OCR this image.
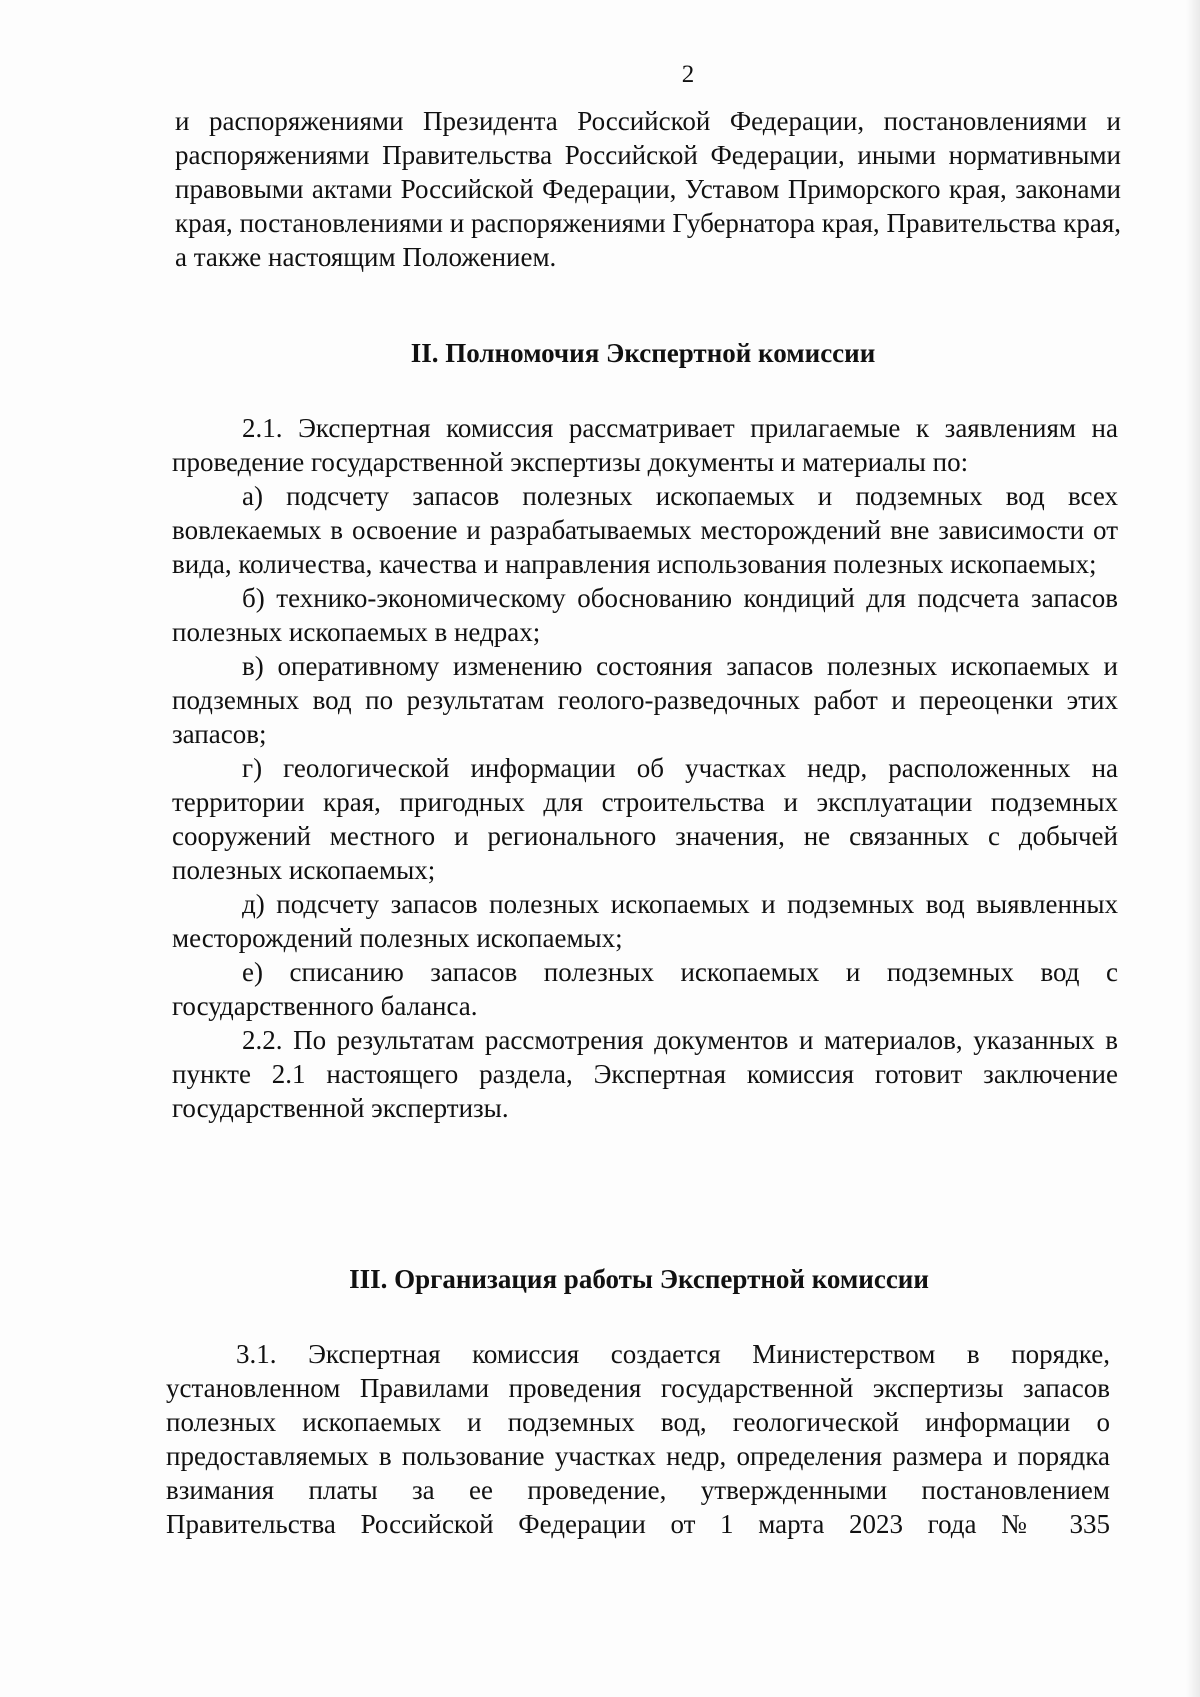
2

и распоряжениями Президента Российской Федерации, постановлениями и распоряжениями Правительства Российской Федерации, иными нормативными правовыми актами Российской Федерации, Уставом Приморского края, законами края, постановлениями и распоряжениями Губернатора края, Правительства края, а также настоящим Положением.

II. Полномочия Экспертной комиссии

2.1. Экспертная комиссия рассматривает прилагаемые к заявлениям на проведение государственной экспертизы документы и материалы по:

а) подсчету запасов полезных ископаемых и подземных вод всех вовлекаемых в освоение и разрабатываемых месторождений вне зависимости от вида, количества, качества и направления использования полезных ископаемых;

б) технико-экономическому обоснованию кондиций для подсчета запасов полезных ископаемых в недрах;

в) оперативному изменению состояния запасов полезных ископаемых и подземных вод по результатам геолого-разведочных работ и переоценки этих запасов;

г) геологической информации об участках недр, расположенных на территории края, пригодных для строительства и эксплуатации подземных сооружений местного и регионального значения, не связанных с добычей полезных ископаемых;

д) подсчету запасов полезных ископаемых и подземных вод выявленных месторождений полезных ископаемых;

е) списанию запасов полезных ископаемых и подземных вод с государственного баланса.

2.2. По результатам рассмотрения документов и материалов, указанных в пункте 2.1 настоящего раздела, Экспертная комиссия готовит заключение государственной экспертизы.

III. Организация работы Экспертной комиссии

3.1. Экспертная комиссия создается Министерством в порядке, установленном Правилами проведения государственной экспертизы запасов полезных ископаемых и подземных вод, геологической информации о предоставляемых в пользование участках недр, определения размера и порядка взимания платы за ее проведение, утвержденными постановлением Правительства Российской Федерации от 1 марта 2023 года № 335
